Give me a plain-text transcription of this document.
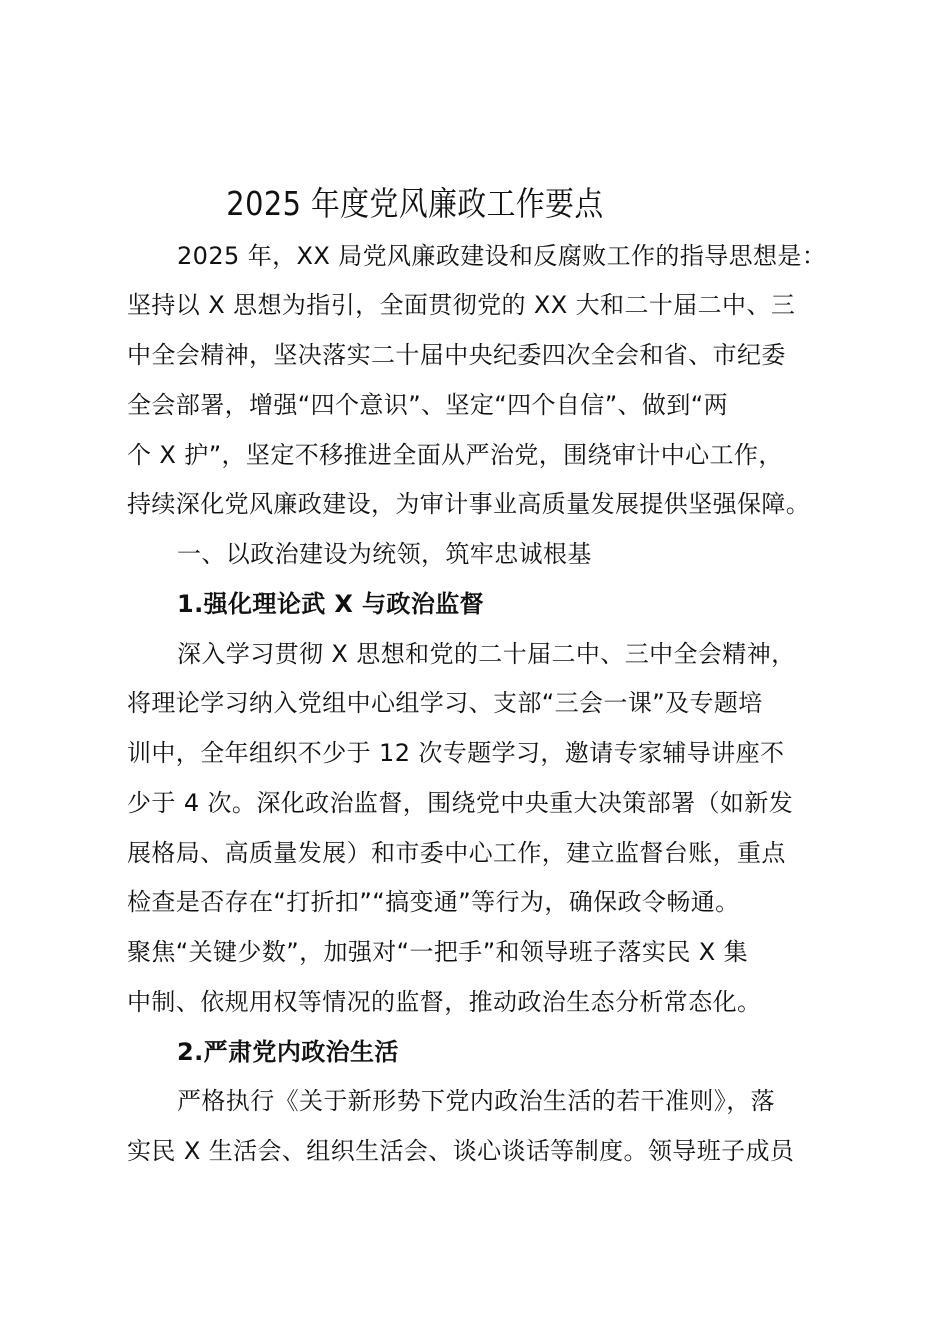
2025 年度党风廉政工作要点
2025 年，XX 局党风廉政建设和反腐败工作的指导思想是：
坚持以 X 思想为指引，全面贯彻党的 XX 大和二十届二中、三
中全会精神，坚决落实二十届中央纪委四次全会和省、市纪委
全会部署，增强“四个意识”、坚定“四个自信”、做到“两
个 X 护”，坚定不移推进全面从严治党，围绕审计中心工作，
持续深化党风廉政建设，为审计事业高质量发展提供坚强保障。
一、以政治建设为统领，筑牢忠诚根基
1.强化理论武 X 与政治监督
深入学习贯彻 X 思想和党的二十届二中、三中全会精神，
将理论学习纳入党组中心组学习、支部“三会一课”及专题培
训中，全年组织不少于 12 次专题学习，邀请专家辅导讲座不
少于 4 次。深化政治监督，围绕党中央重大决策部署（如新发
展格局、高质量发展）和市委中心工作，建立监督台账，重点
检查是否存在“打折扣”“搞变通”等行为，确保政令畅通。
聚焦“关键少数”，加强对“一把手”和领导班子落实民 X 集
中制、依规用权等情况的监督，推动政治生态分析常态化。
2.严肃党内政治生活
严格执行《关于新形势下党内政治生活的若干准则》，落
实民 X 生活会、组织生活会、谈心谈话等制度。领导班子成员
